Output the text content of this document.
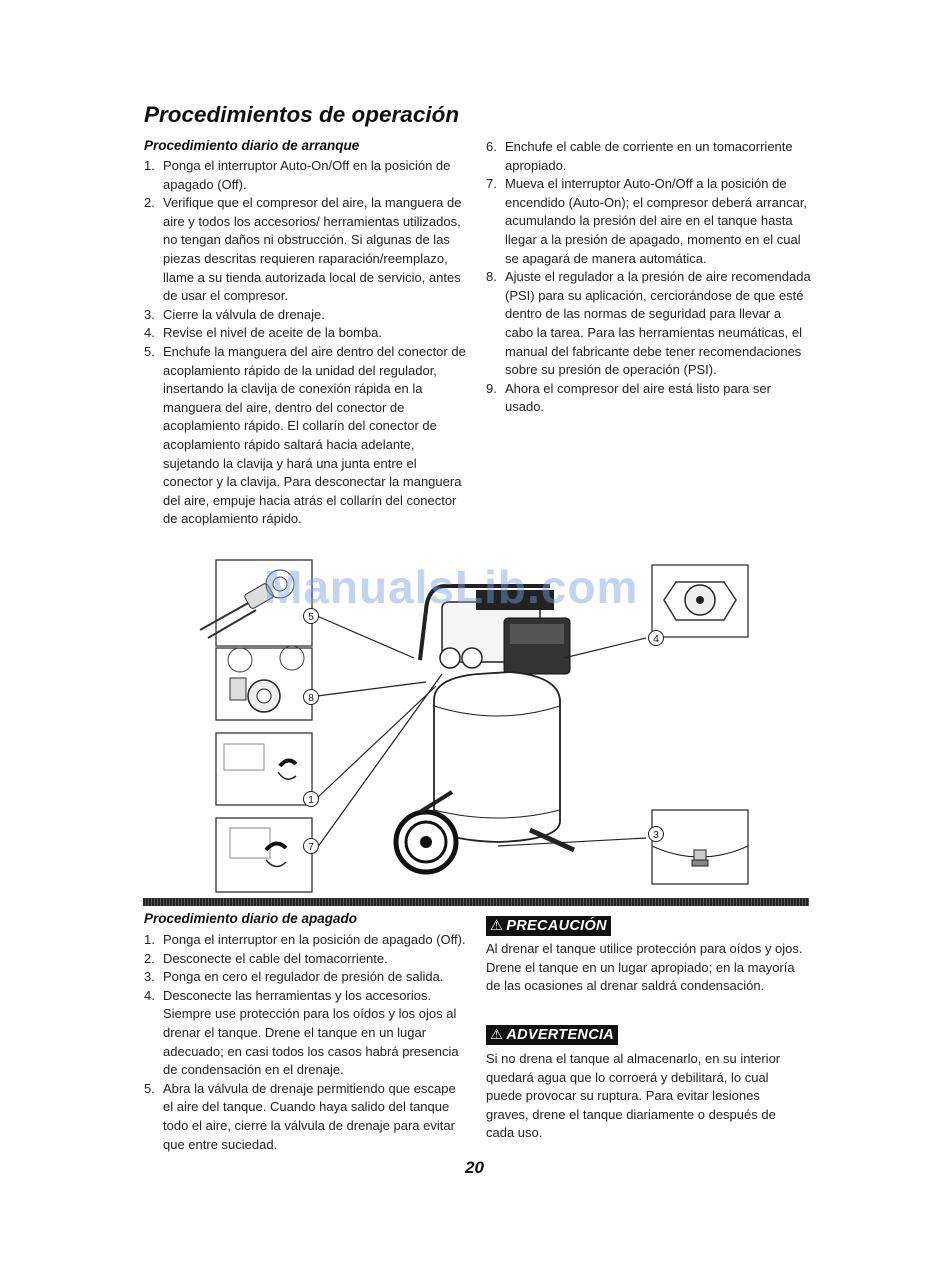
Procedimientos de operación
Procedimiento diario de arranque
1. Ponga el interruptor Auto-On/Off en la posición de apagado (Off).
2. Verifique que el compresor del aire, la manguera de aire y todos los accesorios/ herramientas utilizados, no tengan daños ni obstrucción. Si algunas de las piezas descritas requieren raparación/reemplazo, llame a su tienda autorizada local de servicio, antes de usar el compresor.
3. Cierre la válvula de drenaje.
4. Revise el nivel de aceite de la bomba.
5. Enchufe la manguera del aire dentro del conector de acoplamiento rápido de la unidad del regulador, insertando la clavija de conexión rápida en la manguera del aire, dentro del conector de acoplamiento rápido. El collarín del conector de acoplamiento rápido saltará hacia adelante, sujetando la clavija y hará una junta entre el conector y la clavija. Para desconectar la manguera del aire, empuje hacia atrás el collarín del conector de acoplamiento rápido.
6. Enchufe el cable de corriente en un tomacorriente apropiado.
7. Mueva el interruptor Auto-On/Off a la posición de encendido (Auto-On); el compresor deberá arrancar, acumulando la presión del aire en el tanque hasta llegar a la presión de apagado, momento en el cual se apagará de manera automática.
8. Ajuste el regulador a la presión de aire recomendada (PSI) para su aplicación, cerciorándose de que esté dentro de las normas de seguridad para llevar a cabo la tarea. Para las herramientas neumáticas, el manual del fabricante debe tener recomendaciones sobre su presión de operación (PSI).
9. Ahora el compresor del aire está listo para ser usado.
5
8
1
7
4
3
ManualsLib.com
Procedimiento diario de apagado
1. Ponga el interruptor en la posición de apagado (Off).
2. Desconecte el cable del tomacorriente.
3. Ponga en cero el regulador de presión de salida.
4. Desconecte las herramientas y los accesorios. Siempre use protección para los oídos y los ojos al drenar el tanque. Drene el tanque en un lugar adecuado; en casi todos los casos habrá presencia de condensación en el drenaje.
5. Abra la válvula de drenaje permitiendo que escape el aire del tanque. Cuando haya salido del tanque todo el aire, cierre la válvula de drenaje para evitar que entre suciedad.
⚠ PRECAUCIÓN

Al drenar el tanque utilice protección para oídos y ojos. Drene el tanque en un lugar apropiado; en la mayoría de las ocasiones al drenar saldrá condensación.

⚠ ADVERTENCIA

Si no drena el tanque al almacenarlo, en su interior quedará agua que lo corroerá y debilitará, lo cual puede provocar su ruptura. Para evitar lesiones graves, drene el tanque diariamente o después de cada uso.

20
